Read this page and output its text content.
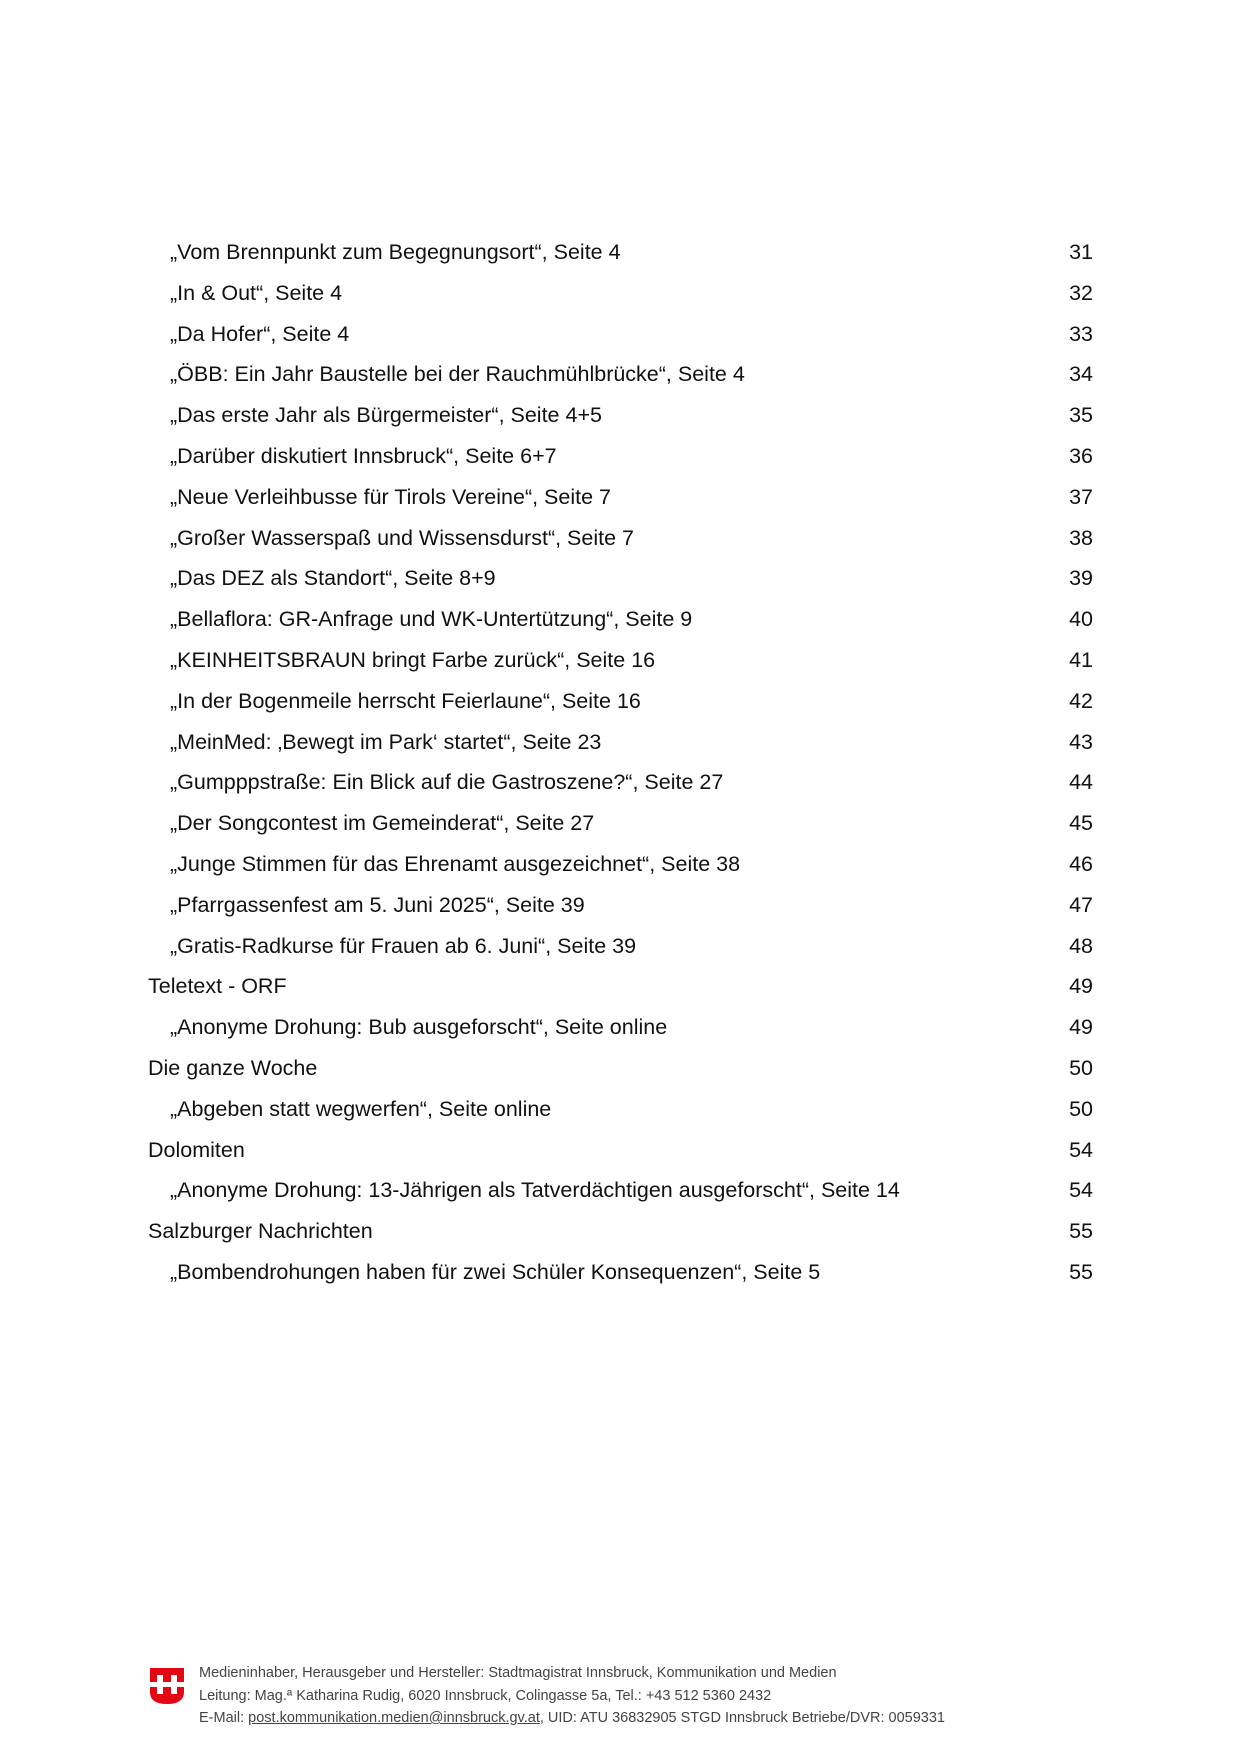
„Vom Brennpunkt zum Begegnungsort“, Seite 4 . . .	31
„In & Out“, Seite 4 . . .	32
„Da Hofer“, Seite 4 . . .	33
„ÖBB: Ein Jahr Baustelle bei der Rauchmühlbrücke“, Seite 4 . . .	34
„Das erste Jahr als Bürgermeister“, Seite 4+5 . . .	35
„Darüber diskutiert Innsbruck“, Seite 6+7 . . .	36
„Neue Verleihbusse für Tirols Vereine“, Seite 7 . . .	37
„Großer Wasserspaß und Wissensdurst“, Seite 7 . . .	38
„Das DEZ als Standort“, Seite 8+9 . . .	39
„Bellaflora: GR-Anfrage und WK-Untertützung“, Seite 9 . . .	40
„KEINHEITSBRAUN bringt Farbe zurück“, Seite 16 . . .	41
„In der Bogenmeile herrscht Feierlaune“, Seite 16 . . .	42
„MeinMed: ‚Bewegt im Park‘ startet“, Seite 23 . . .	43
„Gumpppstraße: Ein Blick auf die Gastroszene?“, Seite 27 . . .	44
„Der Songcontest im Gemeinderat“, Seite 27 . . .	45
„Junge Stimmen für das Ehrenamt ausgezeichnet“, Seite 38 . . .	46
„Pfarrgassenfest am 5. Juni 2025“, Seite 39 . . .	47
„Gratis-Radkurse für Frauen ab 6. Juni“, Seite 39 . . .	48
Teletext - ORF . . .	49
„Anonyme Drohung: Bub ausgeforscht“, Seite online . . .	49
Die ganze Woche . . .	50
„Abgeben statt wegwerfen“, Seite online . . .	50
Dolomiten . . .	54
„Anonyme Drohung: 13-Jährigen als Tatverdächtigen ausgeforscht“, Seite 14 . . .	54
Salzburger Nachrichten . . .	55
„Bombendrohungen haben für zwei Schüler Konsequenzen“, Seite 5 . . .	55
Medieninhaber, Herausgeber und Hersteller: Stadtmagistrat Innsbruck, Kommunikation und Medien
Leitung: Mag.ª Katharina Rudig, 6020 Innsbruck, Colingasse 5a, Tel.: +43 512 5360 2432
E-Mail: post.kommunikation.medien@innsbruck.gv.at, UID: ATU 36832905 STGD Innsbruck Betriebe/DVR: 0059331
